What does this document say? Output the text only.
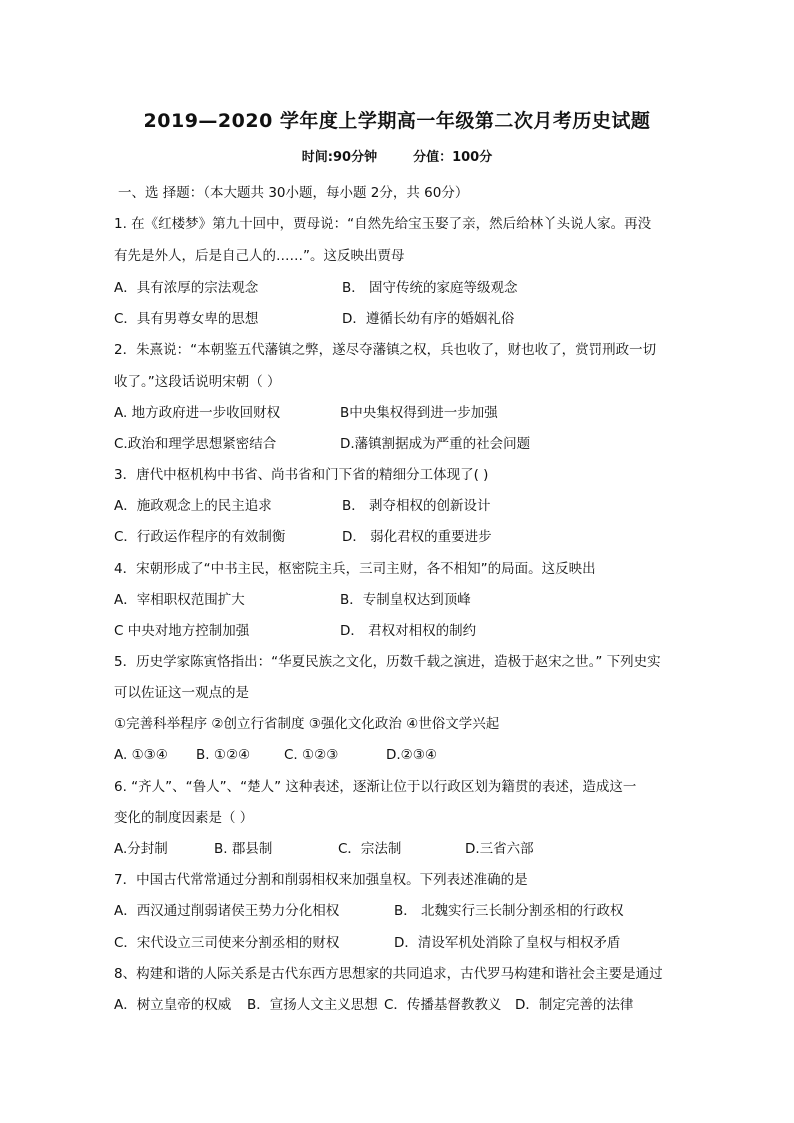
2019—2020 学年度上学期高一年级第二次月考历史试题
时间:90分钟	分值：100分
一、选 择题：（本大题共 30小题，每小题 2分，共 60分）
1. 在《红楼梦》第九十回中，贾母说：“自然先给宝玉娶了亲，然后给林丫头说人家。再没
有先是外人，后是自己人的……”。这反映出贾母
A．具有浓厚的宗法观念	B． 固守传统的家庭等级观念
C．具有男尊女卑的思想	D．遵循长幼有序的婚姻礼俗
2．朱熹说：“本朝鉴五代藩镇之弊，遂尽夺藩镇之权，兵也收了，财也收了，赏罚刑政一切
收了。”这段话说明宋朝（ ）
A. 地方政府进一步收回财权	B中央集权得到进一步加强
C.政治和理学思想紧密结合	D.藩镇割据成为严重的社会问题
3．唐代中枢机构中书省、尚书省和门下省的精细分工体现了( )
A．施政观念上的民主追求	B． 剥夺相权的创新设计
C．行政运作程序的有效制衡	D． 弱化君权的重要进步
4．宋朝形成了“中书主民，枢密院主兵，三司主财，各不相知”的局面。这反映出
A．宰相职权范围扩大	B．专制皇权达到顶峰
C 中央对地方控制加强	D． 君权对相权的制约
5．历史学家陈寅恪指出：“华夏民族之文化，历数千载之演进，造极于赵宋之世。” 下列史实
可以佐证这一观点的是
①完善科举程序 ②创立行省制度 ③强化文化政治 ④世俗文学兴起
A. ①③④ B. ①②④	C. ①②③	D.②③④
6. “齐人”、“鲁人”、“楚人” 这种表述，逐渐让位于以行政区划为籍贯的表述，造成这一
变化的制度因素是（ ）
A.分封制	B. 郡县制	C．宗法制	D.三省六部
7．中国古代常常通过分割和削弱相权来加强皇权。下列表述准确的是
A．西汉通过削弱诸侯王势力分化相权	B． 北魏实行三长制分割丞相的行政权
C．宋代设立三司使来分割丞相的财权	D．清设军机处消除了皇权与相权矛盾
8、构建和谐的人际关系是古代东西方思想家的共同追求，古代罗马构建和谐社会主要是通过
A．树立皇帝的权威 B．宣扬人文主义思想 C．传播基督教教义 D．制定完善的法律
